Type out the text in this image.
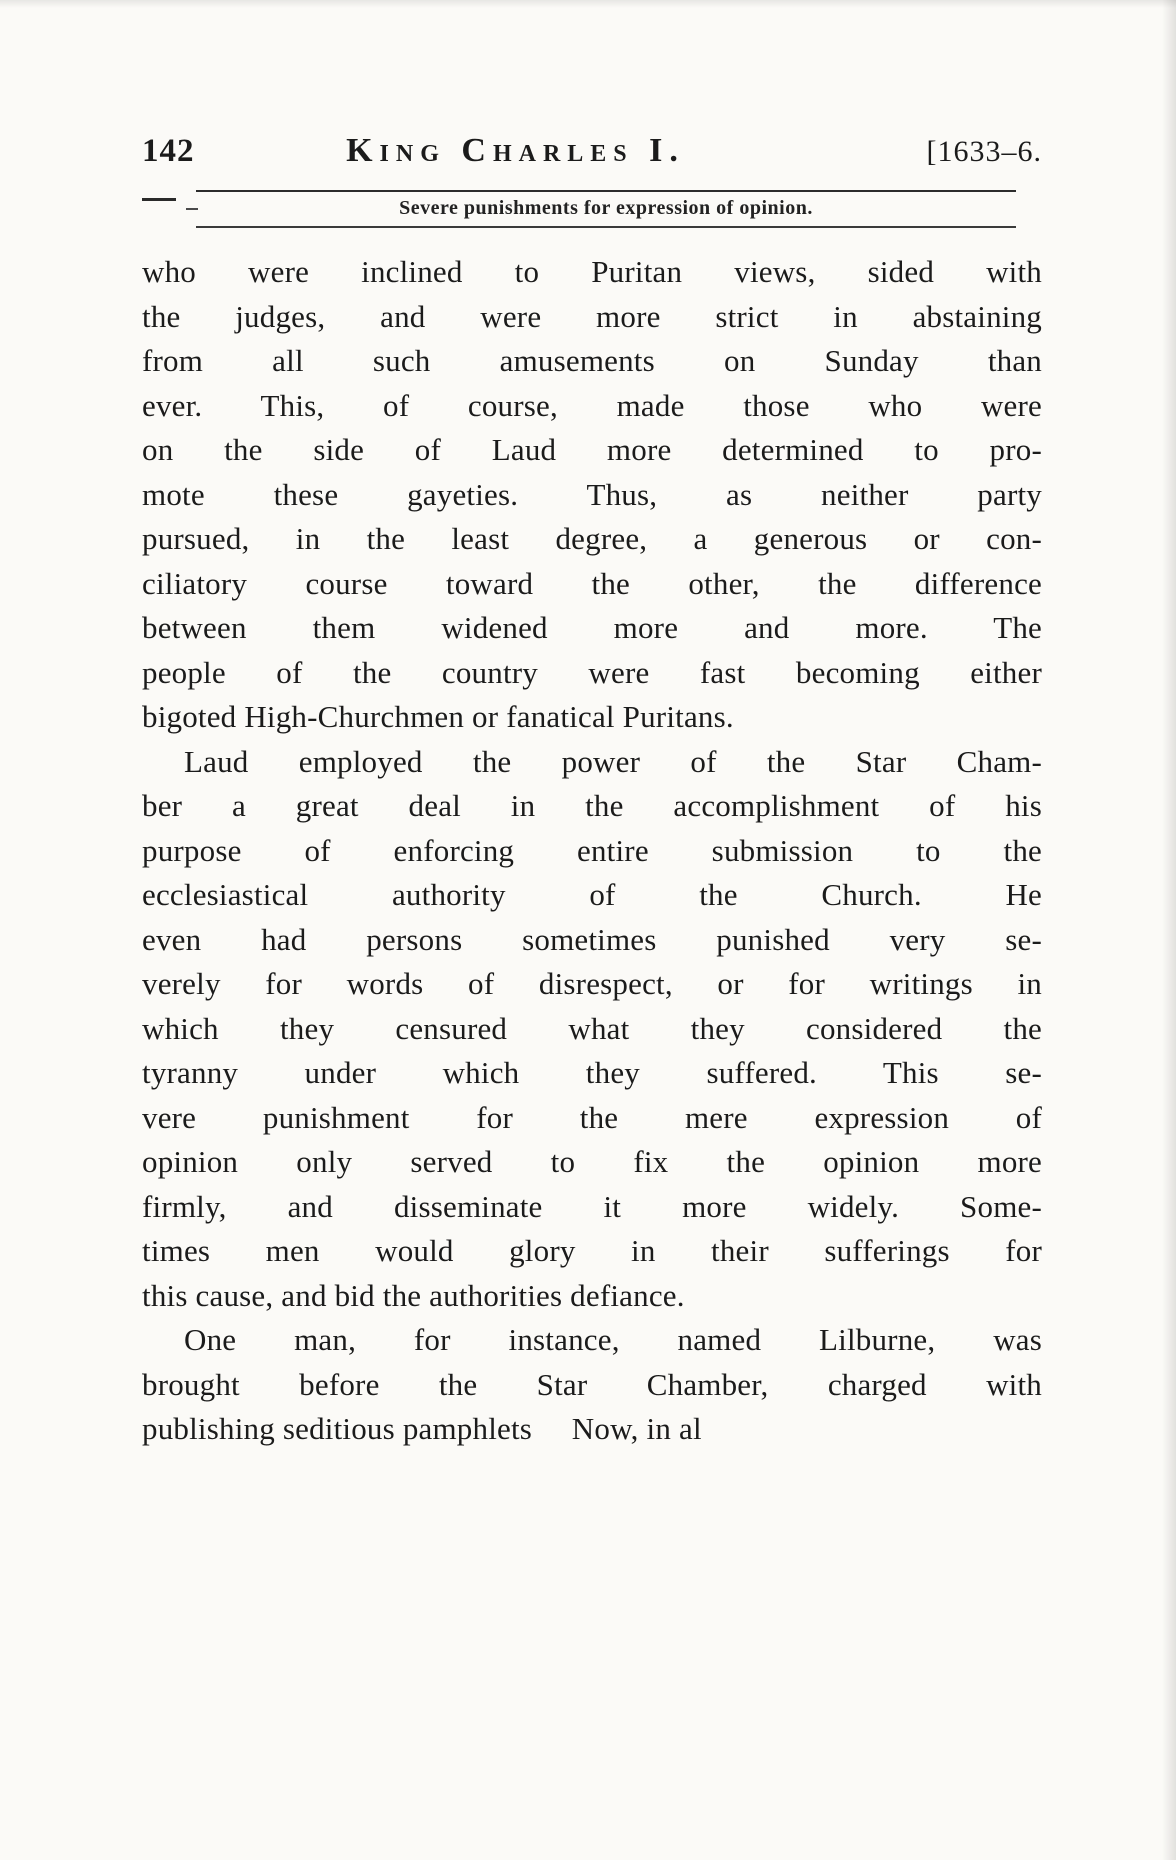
142	King Charles I.	[1633–6.
Severe punishments for expression of opinion.
who were inclined to Puritan views, sided with
the judges, and were more strict in abstaining
from all such amusements on Sunday than
ever. This, of course, made those who were
on the side of Laud more determined to pro-
mote these gayeties. Thus, as neither party
pursued, in the least degree, a generous or con-
ciliatory course toward the other, the difference
between them widened more and more. The
people of the country were fast becoming either
bigoted High-Churchmen or fanatical Puritans.
Laud employed the power of the Star Cham-
ber a great deal in the accomplishment of his
purpose of enforcing entire submission to the
ecclesiastical authority of the Church. He
even had persons sometimes punished very se-
verely for words of disrespect, or for writings in
which they censured what they considered the
tyranny under which they suffered. This se-
vere punishment for the mere expression of
opinion only served to fix the opinion more
firmly, and disseminate it more widely. Some-
times men would glory in their sufferings for
this cause, and bid the authorities defiance.
One man, for instance, named Lilburne, was
brought before the Star Chamber, charged with
publishing seditious pamphlets     Now, in al
